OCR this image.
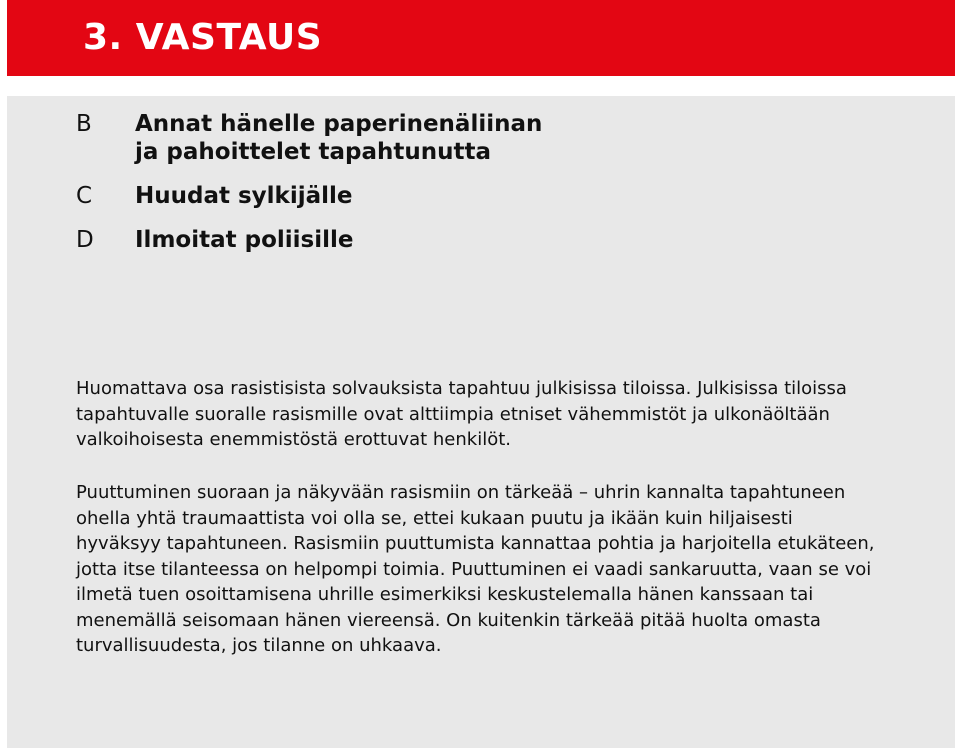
3. VASTAUS
B	Annat hänelle paperinenäliinan
ja pahoittelet tapahtunutta
C	Huudat sylkijälle
D	Ilmoitat poliisille

Huomattava osa rasistisista solvauksista tapahtuu julkisissa tiloissa. Julkisissa tiloissa tapahtuvalle suoralle rasismille ovat alttiimpia etniset vähemmistöt ja ulkonäöltään valkoihoisesta enemmistöstä erottuvat henkilöt.

Puuttuminen suoraan ja näkyvään rasismiin on tärkeää – uhrin kannalta tapahtuneen ohella yhtä traumaattista voi olla se, ettei kukaan puutu ja ikään kuin hiljaisesti hyväksyy tapahtuneen. Rasismiin puuttumista kannattaa pohtia ja harjoitella etukäteen, jotta itse tilanteessa on helpompi toimia. Puuttuminen ei vaadi sankaruutta, vaan se voi ilmetä tuen osoittamisena uhrille esimerkiksi keskustelemalla hänen kanssaan tai menemällä seisomaan hänen viereensä. On kuitenkin tärkeää pitää huolta omasta turvallisuudesta, jos tilanne on uhkaava.
